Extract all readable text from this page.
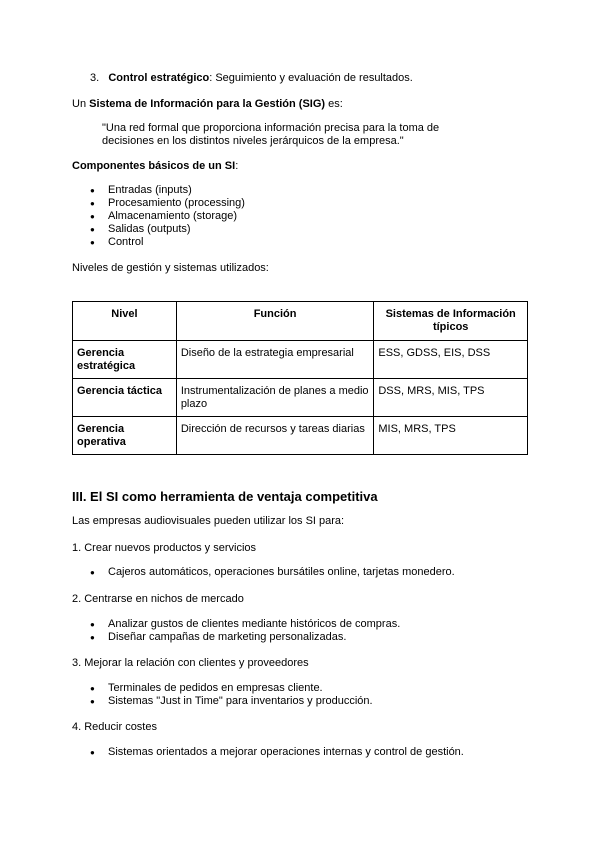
3. Control estratégico: Seguimiento y evaluación de resultados.
Un Sistema de Información para la Gestión (SIG) es:
"Una red formal que proporciona información precisa para la toma de
decisiones en los distintos niveles jerárquicos de la empresa."
Componentes básicos de un SI:
● Entradas (inputs)
● Procesamiento (processing)
● Almacenamiento (storage)
● Salidas (outputs)
● Control
Niveles de gestión y sistemas utilizados:
Nivel	Función	Sistemas de Información típicos
Gerencia estratégica	Diseño de la estrategia empresarial	ESS, GDSS, EIS, DSS
Gerencia táctica	Instrumentalización de planes a medio plazo	DSS, MRS, MIS, TPS
Gerencia operativa	Dirección de recursos y tareas diarias	MIS, MRS, TPS
III. El SI como herramienta de ventaja competitiva
Las empresas audiovisuales pueden utilizar los SI para:
1. Crear nuevos productos y servicios
● Cajeros automáticos, operaciones bursátiles online, tarjetas monedero.
2. Centrarse en nichos de mercado
● Analizar gustos de clientes mediante históricos de compras.
● Diseñar campañas de marketing personalizadas.
3. Mejorar la relación con clientes y proveedores
● Terminales de pedidos en empresas cliente.
● Sistemas "Just in Time" para inventarios y producción.
4. Reducir costes
● Sistemas orientados a mejorar operaciones internas y control de gestión.
